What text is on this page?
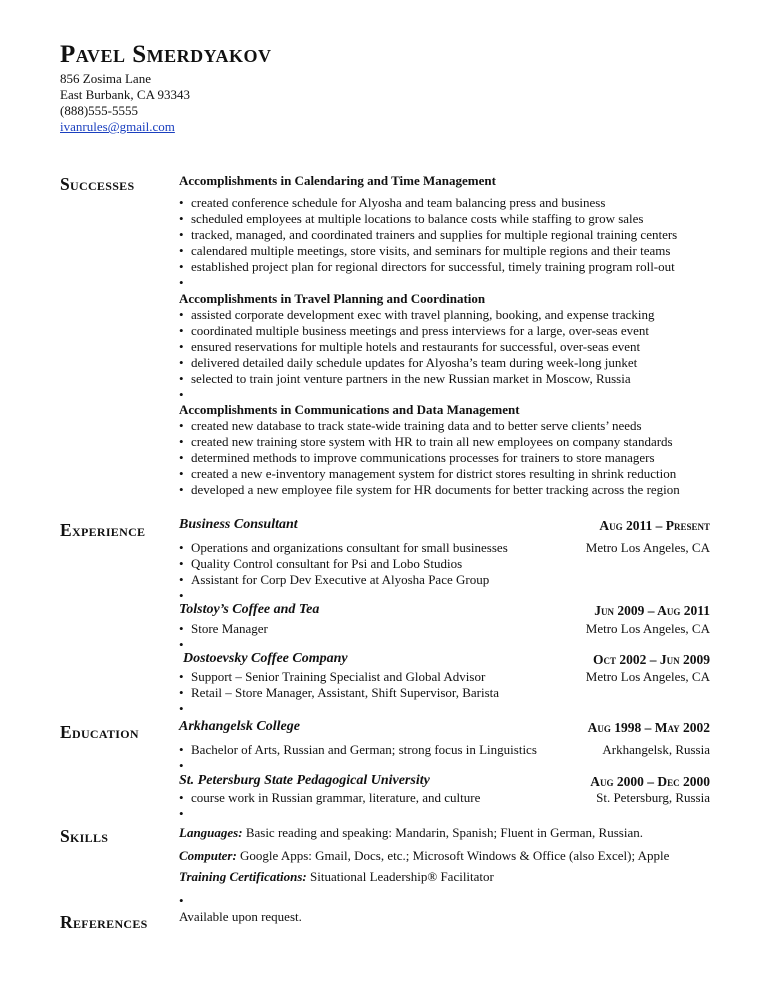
Pavel Smerdyakov
856 Zosima Lane
East Burbank, CA 93343
(888)555-5555
ivanrules@gmail.com
Successes	Accomplishments in Calendaring and Time Management
• created conference schedule for Alyosha and team balancing press and business
• scheduled employees at multiple locations to balance costs while staffing to grow sales
• tracked, managed, and coordinated trainers and supplies for multiple regional training centers
• calendared multiple meetings, store visits, and seminars for multiple regions and their teams
• established project plan for regional directors for successful, timely training program roll-out
•
Accomplishments in Travel Planning and Coordination
• assisted corporate development exec with travel planning, booking, and expense tracking
• coordinated multiple business meetings and press interviews for a large, over-seas event
• ensured reservations for multiple hotels and restaurants for successful, over-seas event
• delivered detailed daily schedule updates for Alyosha’s team during week-long junket
• selected to train joint venture partners in the new Russian market in Moscow, Russia
•
Accomplishments in Communications and Data Management
• created new database to track state-wide training data and to better serve clients’ needs
• created new training store system with HR to train all new employees on company standards
• determined methods to improve communications processes for trainers to store managers
• created a new e-inventory management system for district stores resulting in shrink reduction
• developed a new employee file system for HR documents for better tracking across the region
Experience Business Consultant	Aug 2011 – Present
• Operations and organizations consultant for small businesses	Metro Los Angeles, CA
• Quality Control consultant for Psi and Lobo Studios
• Assistant for Corp Dev Executive at Alyosha Pace Group
•
Tolstoy’s Coffee and Tea	Jun 2009 – Aug 2011
• Store Manager	Metro Los Angeles, CA
•
Dostoevsky Coffee Company	Oct 2002 – Jun 2009
• Support – Senior Training Specialist and Global Advisor	Metro Los Angeles, CA
• Retail – Store Manager, Assistant, Shift Supervisor, Barista
•
Education	Arkhangelsk College	Aug 1998 – May 2002
• Bachelor of Arts, Russian and German; strong focus in Linguistics	Arkhangelsk, Russia
•
St. Petersburg State Pedagogical University	Aug 2000 – Dec 2000
• course work in Russian grammar, literature, and culture	St. Petersburg, Russia
•
Skills	Languages: Basic reading and speaking: Mandarin, Spanish; Fluent in German, Russian.
Computer: Google Apps: Gmail, Docs, etc.; Microsoft Windows & Office (also Excel); Apple
Training Certifications: Situational Leadership® Facilitator
•
References Available upon request.
